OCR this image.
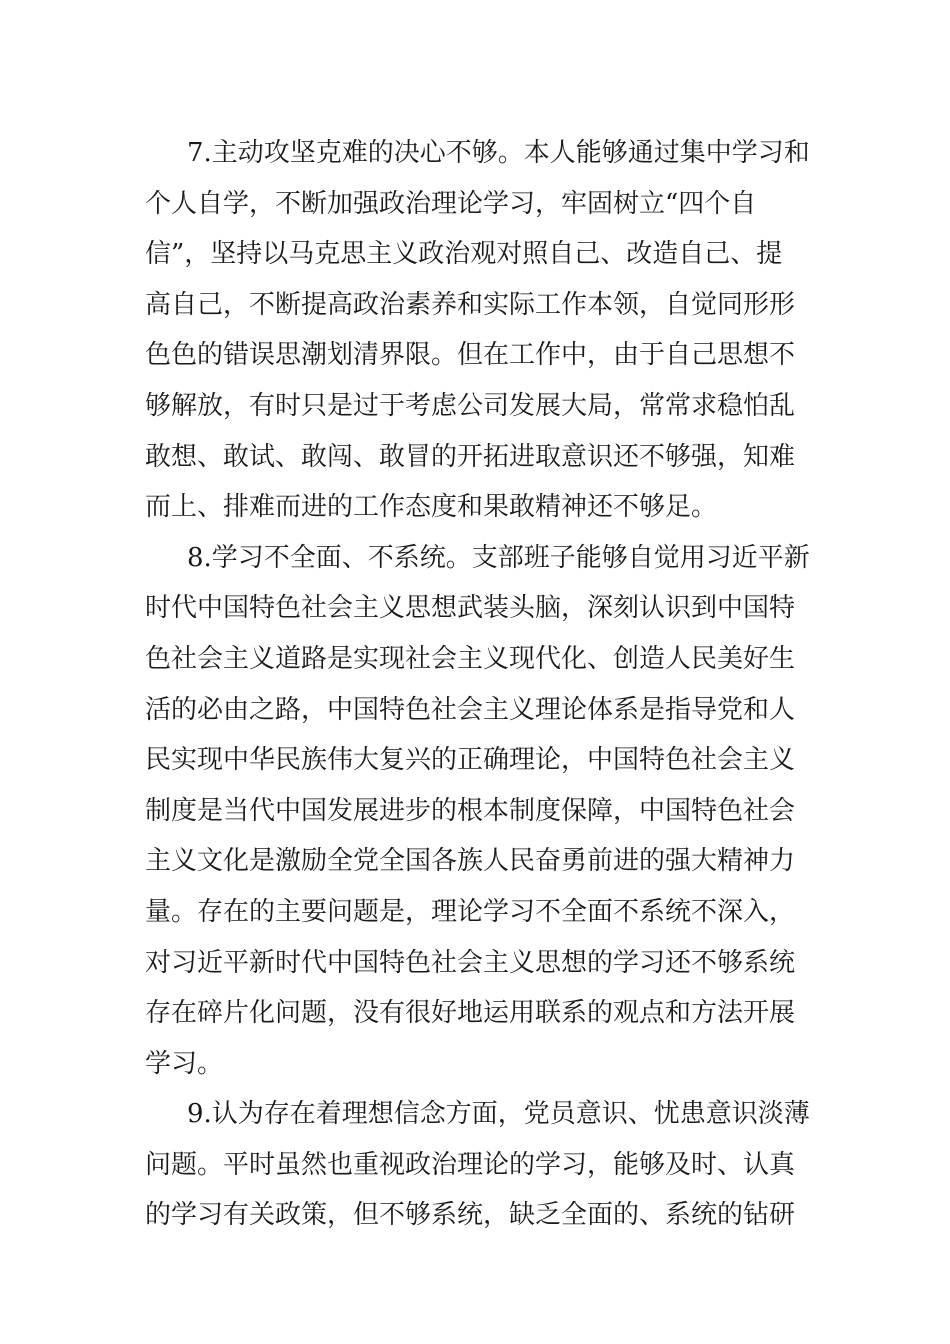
7.主动攻坚克难的决心不够。本人能够通过集中学习和
个人自学，不断加强政治理论学习，牢固树立“四个自
信”，坚持以马克思主义政治观对照自己、改造自己、提
高自己，不断提高政治素养和实际工作本领，自觉同形形
色色的错误思潮划清界限。但在工作中，由于自己思想不
够解放，有时只是过于考虑公司发展大局，常常求稳怕乱
敢想、敢试、敢闯、敢冒的开拓进取意识还不够强，知难
而上、排难而进的工作态度和果敢精神还不够足。
8.学习不全面、不系统。支部班子能够自觉用习近平新
时代中国特色社会主义思想武装头脑，深刻认识到中国特
色社会主义道路是实现社会主义现代化、创造人民美好生
活的必由之路，中国特色社会主义理论体系是指导党和人
民实现中华民族伟大复兴的正确理论，中国特色社会主义
制度是当代中国发展进步的根本制度保障，中国特色社会
主义文化是激励全党全国各族人民奋勇前进的强大精神力
量。存在的主要问题是，理论学习不全面不系统不深入，
对习近平新时代中国特色社会主义思想的学习还不够系统
存在碎片化问题，没有很好地运用联系的观点和方法开展
学习。
9.认为存在着理想信念方面，党员意识、忧患意识淡薄
问题。平时虽然也重视政治理论的学习，能够及时、认真
的学习有关政策，但不够系统，缺乏全面的、系统的钻研
